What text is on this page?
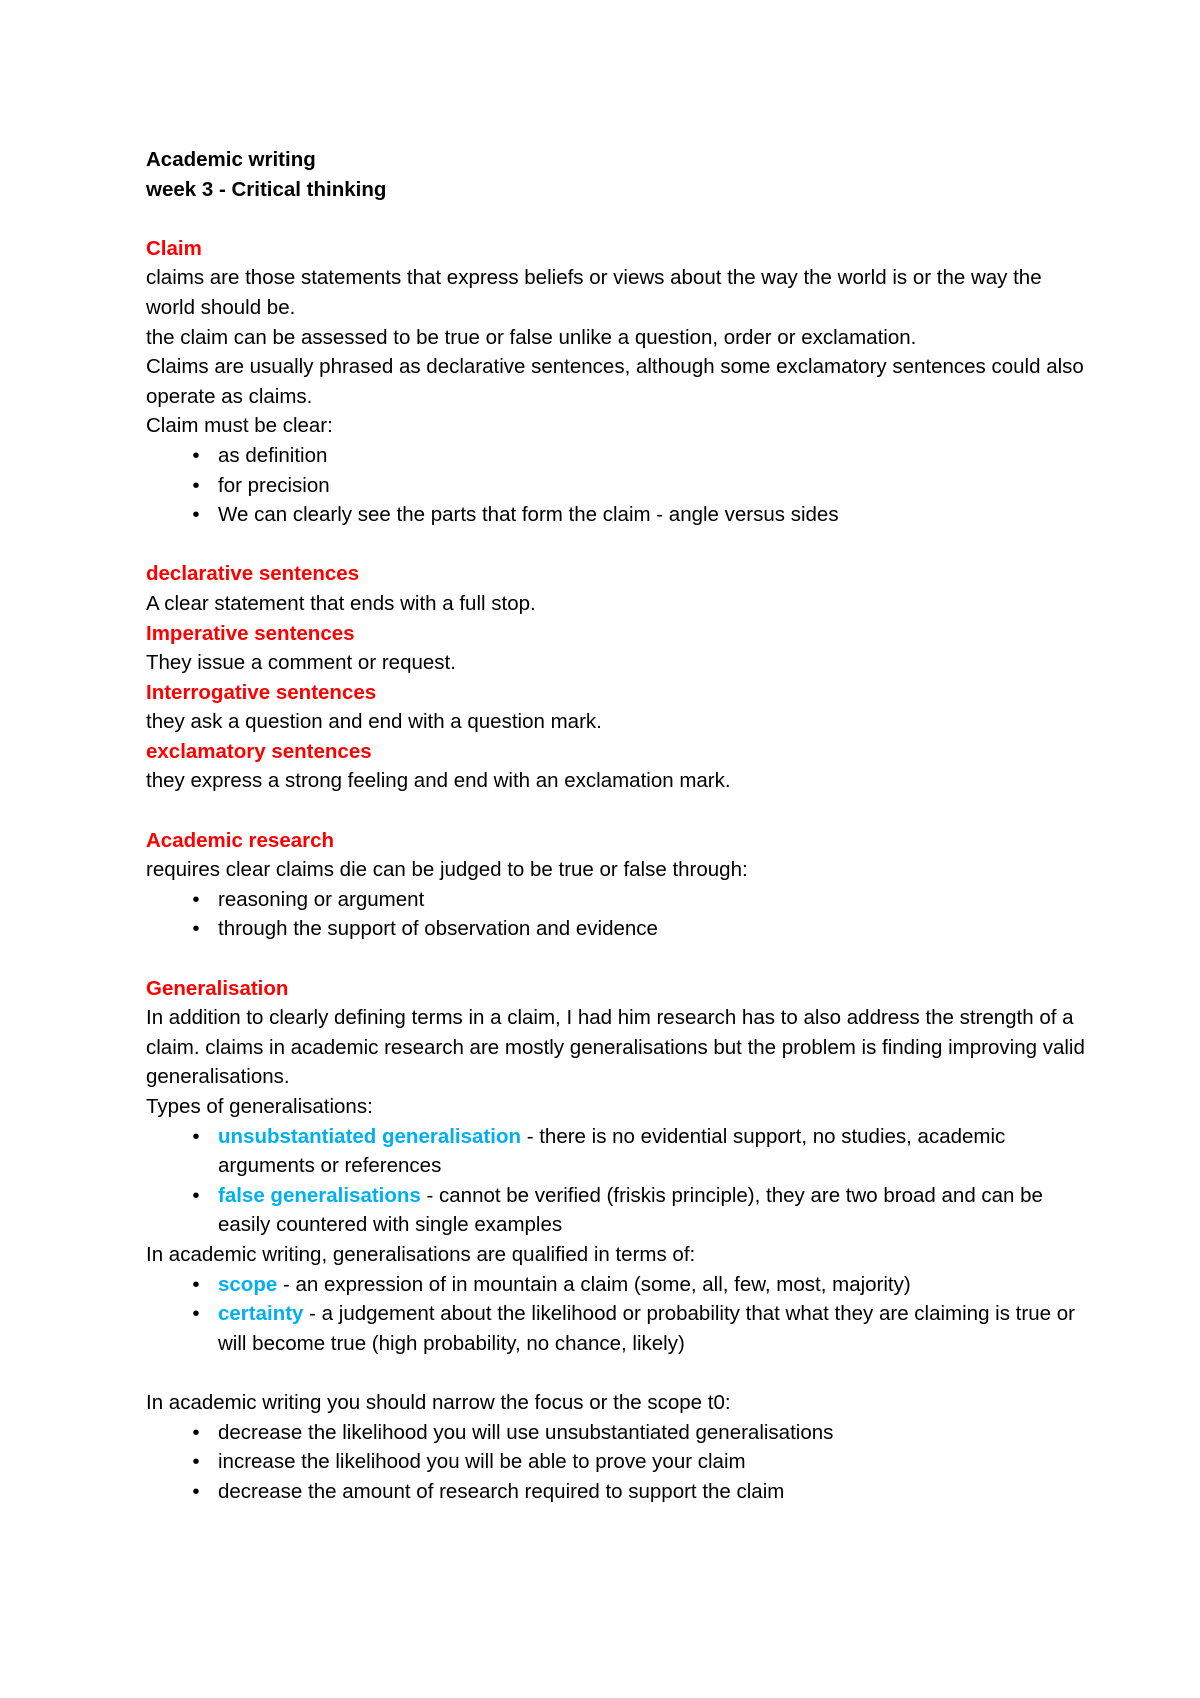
Academic writing

week 3 - Critical thinking

Claim

claims are those statements that express beliefs or views about the way the world is or the way the world should be.

the claim can be assessed to be true or false unlike a question, order or exclamation.

Claims are usually phrased as declarative sentences, although some exclamatory sentences could also operate as claims.

Claim must be clear:

• as definition
• for precision
• We can clearly see the parts that form the claim - angle versus sides

declarative sentences

A clear statement that ends with a full stop.

Imperative sentences

They issue a comment or request.

Interrogative sentences

they ask a question and end with a question mark.

exclamatory sentences

they express a strong feeling and end with an exclamation mark.

Academic research

requires clear claims die can be judged to be true or false through:

• reasoning or argument
• through the support of observation and evidence

Generalisation

In addition to clearly defining terms in a claim, I had him research has to also address the strength of a claim. claims in academic research are mostly generalisations but the problem is finding improving valid generalisations.

Types of generalisations:

• unsubstantiated generalisation - there is no evidential support, no studies, academic arguments or references
• false generalisations - cannot be verified (friskis principle), they are two broad and can be easily countered with single examples

In academic writing, generalisations are qualified in terms of:

• scope - an expression of in mountain a claim (some, all, few, most, majority)
• certainty - a judgement about the likelihood or probability that what they are claiming is true or will become true (high probability, no chance, likely)

In academic writing you should narrow the focus or the scope t0:

• decrease the likelihood you will use unsubstantiated generalisations
• increase the likelihood you will be able to prove your claim
• decrease the amount of research required to support the claim
